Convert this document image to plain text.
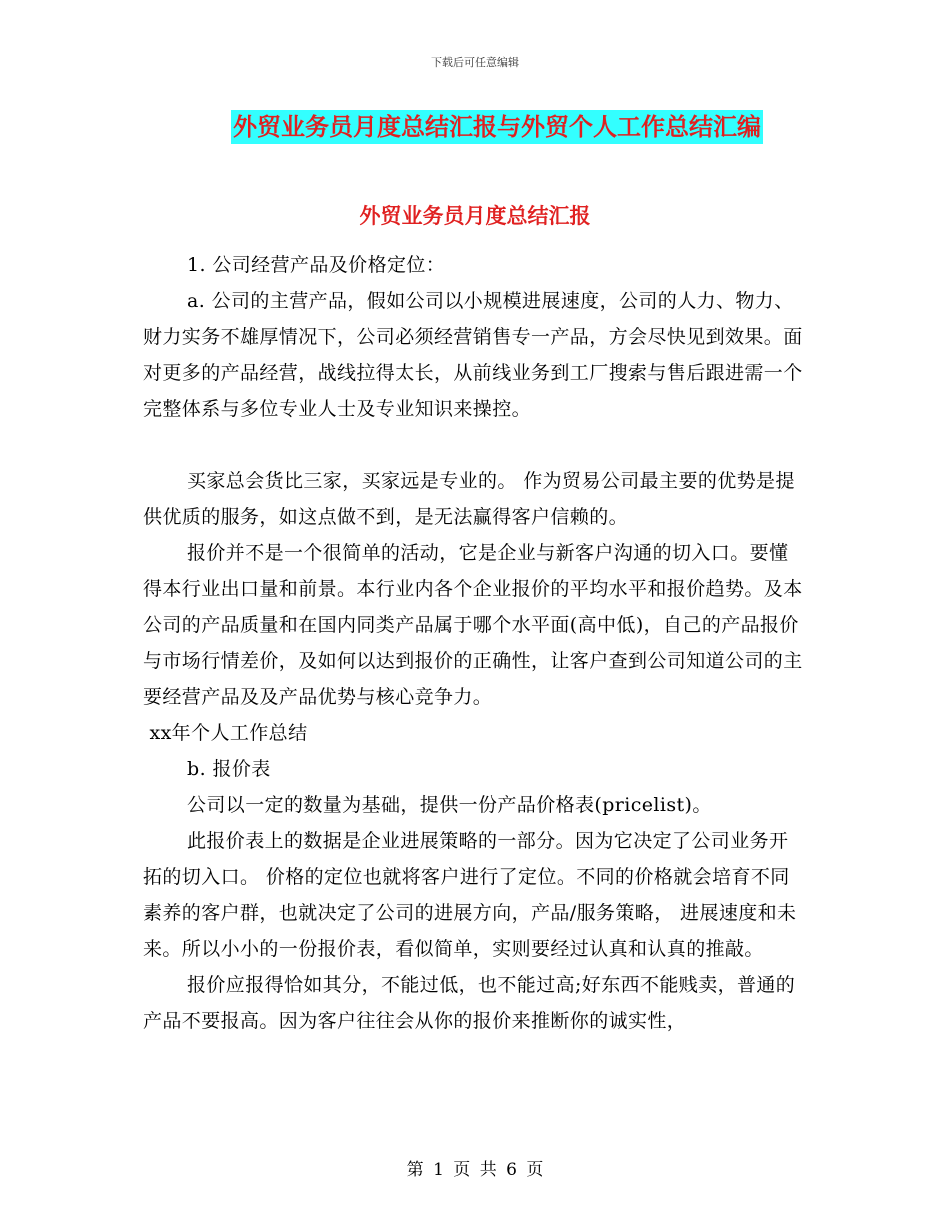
下载后可任意编辑
外贸业务员月度总结汇报与外贸个人工作总结汇编
外贸业务员月度总结汇报

1. 公司经营产品及价格定位：

a. 公司的主营产品，假如公司以小规模进展速度，公司的人力、物力、财力实务不雄厚情况下，公司必须经营销售专一产品，方会尽快见到效果。面对更多的产品经营，战线拉得太长，从前线业务到工厂搜索与售后跟进需一个完整体系与多位专业人士及专业知识来操控。

买家总会货比三家，买家远是专业的。 作为贸易公司最主要的优势是提供优质的服务，如这点做不到，是无法赢得客户信赖的。

报价并不是一个很简单的活动，它是企业与新客户沟通的切入口。要懂得本行业出口量和前景。本行业内各个企业报价的平均水平和报价趋势。及本公司的产品质量和在国内同类产品属于哪个水平面(高中低)，自己的产品报价与市场行情差价，及如何以达到报价的正确性，让客户查到公司知道公司的主要经营产品及及产品优势与核心竞争力。

xx年个人工作总结

b. 报价表

公司以一定的数量为基础，提供一份产品价格表(pricelist)。

此报价表上的数据是企业进展策略的一部分。因为它决定了公司业务开拓的切入口。 价格的定位也就将客户进行了定位。不同的价格就会培育不同素养的客户群，也就决定了公司的进展方向，产品/服务策略， 进展速度和未来。所以小小的一份报价表，看似简单，实则要经过认真和认真的推敲。

报价应报得恰如其分，不能过低，也不能过高;好东西不能贱卖，普通的产品不要报高。因为客户往往会从你的报价来推断你的诚实性，

第 1 页 共 6 页
